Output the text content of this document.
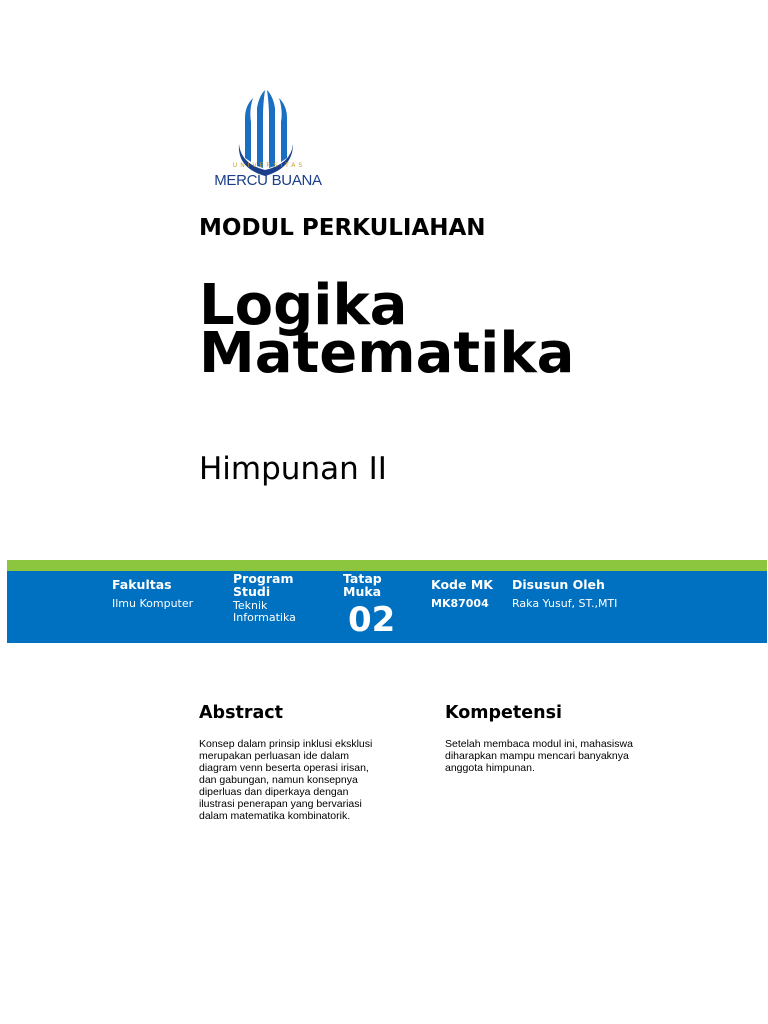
UNIVERSITAS
MERCU BUANA
MODUL PERKULIAHAN
Logika
Matematika
Himpunan II
Fakultas
Ilmu Komputer
Program
Studi
Teknik
Informatika
Tatap
Muka
02
Kode MK
MK87004
Disusun Oleh
Raka Yusuf, ST.,MTI
Abstract
Konsep dalam prinsip inklusi eksklusi
merupakan perluasan ide dalam
diagram venn beserta operasi irisan,
dan gabungan, namun konsepnya
diperluas dan diperkaya dengan
ilustrasi penerapan yang bervariasi
dalam matematika kombinatorik.
Kompetensi
Setelah membaca modul ini, mahasiswa
diharapkan mampu mencari banyaknya
anggota himpunan.
